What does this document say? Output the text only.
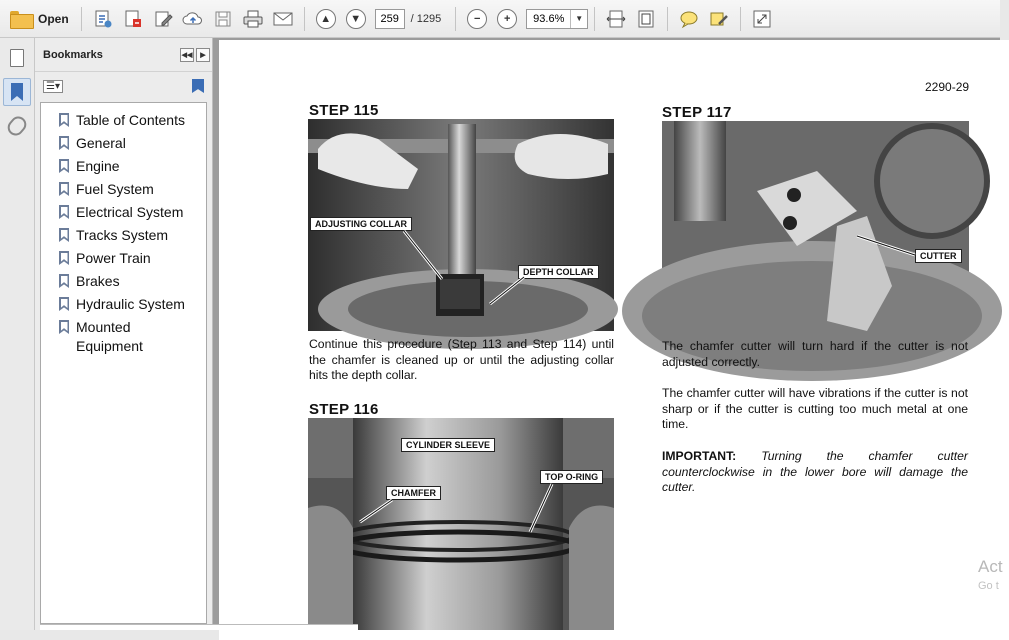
Open	▲	▼	259	/ 1295	−	+	93.6%	▼
Bookmarks	◀◀	▶
☰▾
Table of Contents
General
Engine
Fuel System
Electrical System
Tracks System
Power Train
Brakes
Hydraulic System
Mounted Equipment
2290-29
STEP 115
ADJUSTING COLLAR
DEPTH COLLAR

Continue this procedure (Step 113 and Step 114) until the chamfer is cleaned up or until the adjusting collar hits the depth collar.

STEP 116
CYLINDER SLEEVE
TOP O-RING
CHAMFER
STEP 117
CUTTER

The chamfer cutter will turn hard if the cutter is not adjusted correctly.

The chamfer cutter will have vibrations if the cutter is not sharp or if the cutter is cutting too much metal at one time.

IMPORTANT: Turning the chamfer cutter counterclockwise in the lower bore will damage the cutter.

Act
Go t
